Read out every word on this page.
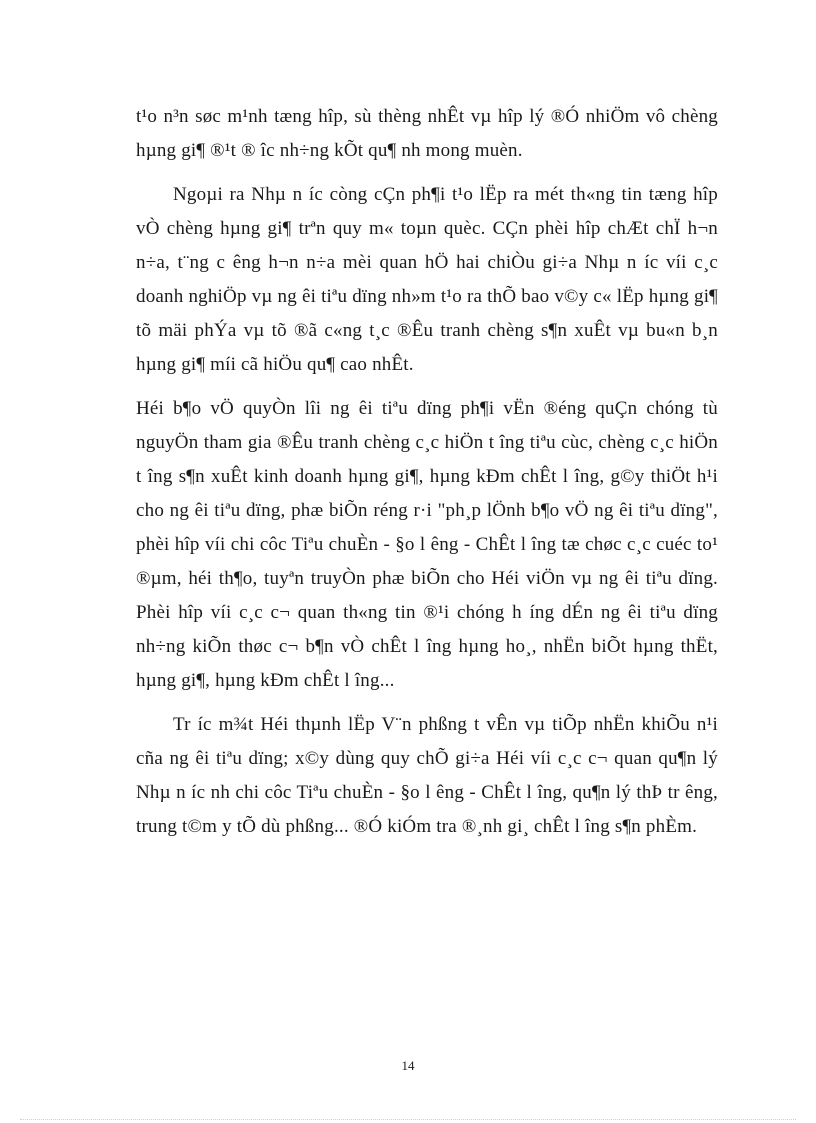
t¹o n³n søc m¹nh tæng hîp, sù thèng nhÊt vµ hîp lý ®Ó nhiÖm vô chèng hµng gi¶ ®¹t ® îc nh÷ng kÕt qu¶ nh mong muèn.

Ngoµi ra Nhµ n íc còng cÇn ph¶i t¹o lËp ra mét th«ng tin tæng hîp vÒ chèng hµng gi¶ trªn quy m« toµn quèc. CÇn phèi hîp chÆt chÏ h¬n n÷a, t¨ng c êng h¬n n÷a mèi quan hÖ hai chiÒu gi÷a Nhµ n íc víi c¸c doanh nghiÖp vµ ng êi tiªu dïng nh»m t¹o ra thÕ bao v©y c« lËp hµng gi¶ tõ mäi phÝa vµ tõ ®ã c«ng t¸c ®Êu tranh chèng s¶n xuÊt vµ bu«n b¸n hµng gi¶ míi cã hiÖu qu¶ cao nhÊt.

Héi b¶o vÖ quyÒn lîi ng êi tiªu dïng ph¶i vËn ®éng quÇn chóng tù nguyÖn tham gia ®Êu tranh chèng c¸c hiÖn t îng tiªu cùc, chèng c¸c hiÖn t îng s¶n xuÊt kinh doanh hµng gi¶, hµng kÐm chÊt l îng, g©y thiÖt h¹i cho ng êi tiªu dïng, phæ biÕn réng r·i "ph¸p lÖnh b¶o vÖ ng êi tiªu dïng", phèi hîp víi chi côc Tiªu chuÈn - §o l êng - ChÊt l îng tæ chøc c¸c cuéc to¹ ®µm, héi th¶o, tuyªn truyÒn phæ biÕn cho Héi viÖn vµ ng êi tiªu dïng. Phèi hîp víi c¸c c¬ quan th«ng tin ®¹i chóng h íng dÉn ng êi tiªu dïng nh÷ng kiÕn thøc c¬ b¶n vÒ chÊt l îng hµng ho¸, nhËn biÕt hµng thËt, hµng gi¶, hµng kÐm chÊt l îng...

Tr íc m¾t Héi thµnh lËp V¨n phßng t vÊn vµ tiÕp nhËn khiÕu n¹i cña ng êi tiªu dïng; x©y dùng quy chÕ gi÷a Héi víi c¸c c¬ quan qu¶n lý Nhµ n íc nh chi côc Tiªu chuÈn - §o l êng - ChÊt l îng, qu¶n lý thÞ tr êng, trung t©m y tÕ dù phßng... ®Ó kiÓm tra ®¸nh gi¸ chÊt l îng s¶n phÈm.

14
